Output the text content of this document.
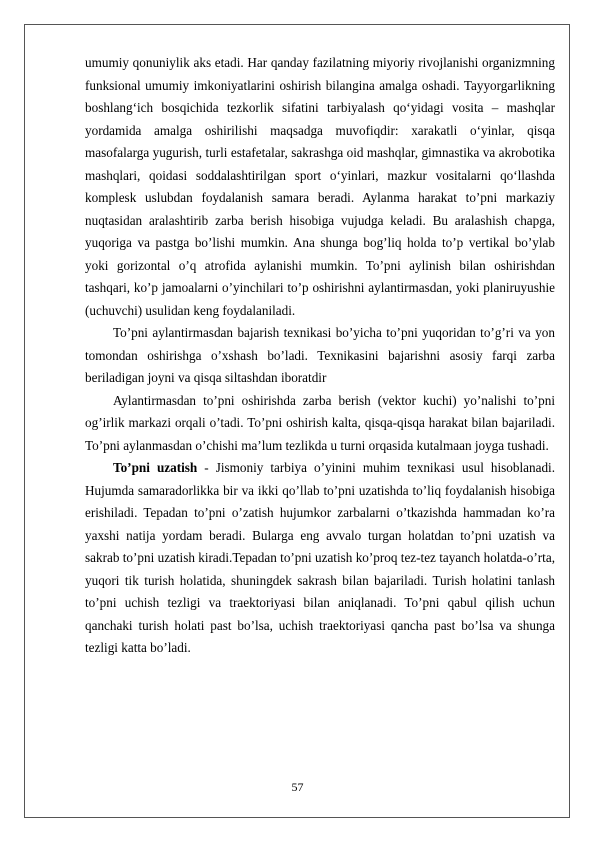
umumiy qonuniylik aks etadi. Har qanday fazilatning miyoriy rivojlanishi organizmning funksional umumiy imkoniyatlarini oshirish bilangina amalga oshadi. Tayyorgarlikning boshlang‘ich bosqichida tezkorlik sifatini tarbiyalash qo‘yidagi vosita – mashqlar yordamida amalga oshirilishi maqsadga muvofiqdir: xarakatli o‘yinlar, qisqa masofalarga yugurish, turli estafetalar, sakrashga oid mashqlar, gimnastika va akrobotika mashqlari, qoidasi soddalashtirilgan sport o‘yinlari, mazkur vositalarni qo‘llashda komplesk uslubdan foydalanish samara beradi. Aylanma harakat to’pni markaziy nuqtasidan aralashtirib zarba berish hisobiga vujudga keladi. Bu aralashish chapga, yuqoriga va pastga bo’lishi mumkin. Ana shunga bog’liq holda to’p vertikal bo’ylab yoki gorizontal o’q atrofida aylanishi mumkin. To’pni aylinish bilan oshirishdan tashqari, ko’p jamoalarni o’yinchilari to’p oshirishni aylantirmasdan, yoki planiruyushie (uchuvchi) usulidan keng foydalaniladi.

To’pni aylantirmasdan bajarish texnikasi bo’yicha to’pni yuqoridan to’g’ri va yon tomondan oshirishga o’xshash bo’ladi. Texnikasini bajarishni asosiy farqi zarba beriladigan joyni va qisqa siltashdan iboratdir

Aylantirmasdan to’pni oshirishda zarba berish (vektor kuchi) yo’nalishi to’pni og’irlik markazi orqali o’tadi. To’pni oshirish kalta, qisqa-qisqa harakat bilan bajariladi. To’pni aylanmasdan o’chishi ma’lum tezlikda u turni orqasida kutalmaan joyga tushadi.

To’pni uzatish - Jismoniy tarbiya o’yinini muhim texnikasi usul hisoblanadi. Hujumda samaradorlikka bir va ikki qo’llab to’pni uzatishda to’liq foydalanish hisobiga erishiladi. Tepadan to’pni o’zatish hujumkor zarbalarni o’tkazishda hammadan ko’ra yaxshi natija yordam beradi. Bularga eng avvalo turgan holatdan to’pni uzatish va sakrab to’pni uzatish kiradi.Tepadan to’pni uzatish ko’proq tez-tez tayanch holatda-o’rta, yuqori tik turish holatida, shuningdek sakrash bilan bajariladi. Turish holatini tanlash to’pni uchish tezligi va traektoriyasi bilan aniqlanadi. To’pni qabul qilish uchun qanchaki turish holati past bo’lsa, uchish traektoriyasi qancha past bo’lsa va shunga tezligi katta bo’ladi.

57
